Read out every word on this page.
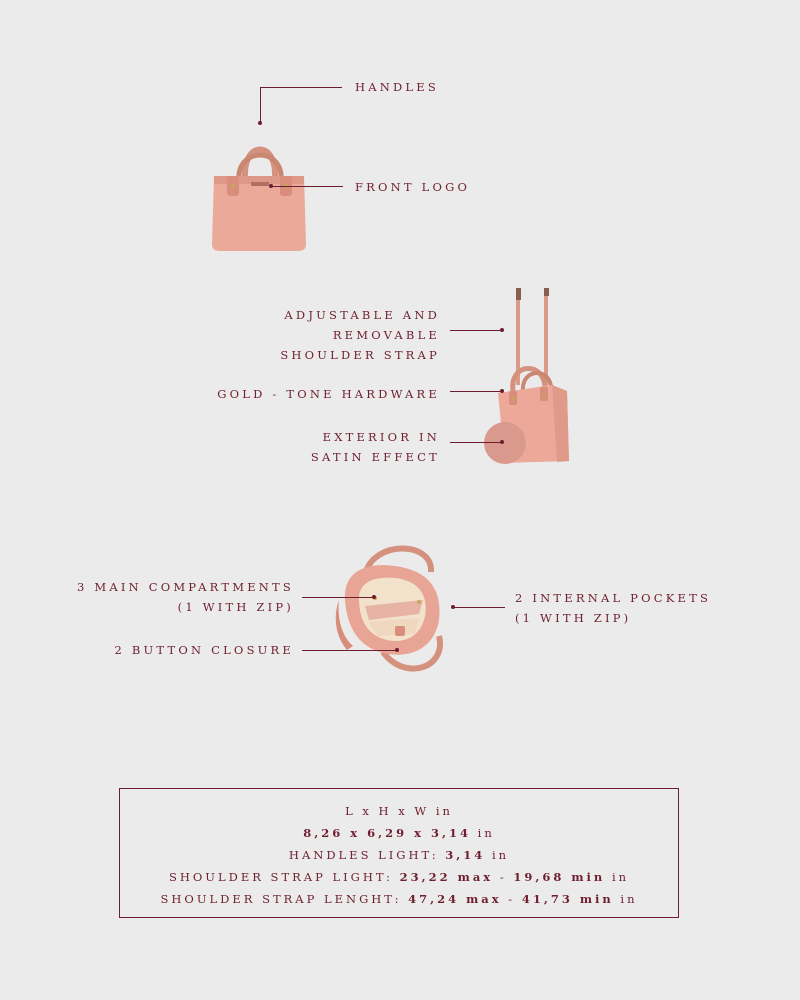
HANDLES
FRONT LOGO
ADJUSTABLE AND
REMOVABLE
SHOULDER STRAP
GOLD - TONE HARDWARE
EXTERIOR IN
SATIN EFFECT
3 MAIN COMPARTMENTS
(1 WITH ZIP)
2 BUTTON CLOSURE
2 INTERNAL POCKETS
(1 WITH ZIP)
L x H x W in
8,26 x 6,29 x 3,14 in
HANDLES LIGHT: 3,14 in
SHOULDER STRAP LIGHT: 23,22 max - 19,68 min in
SHOULDER STRAP LENGHT: 47,24 max - 41,73 min in
